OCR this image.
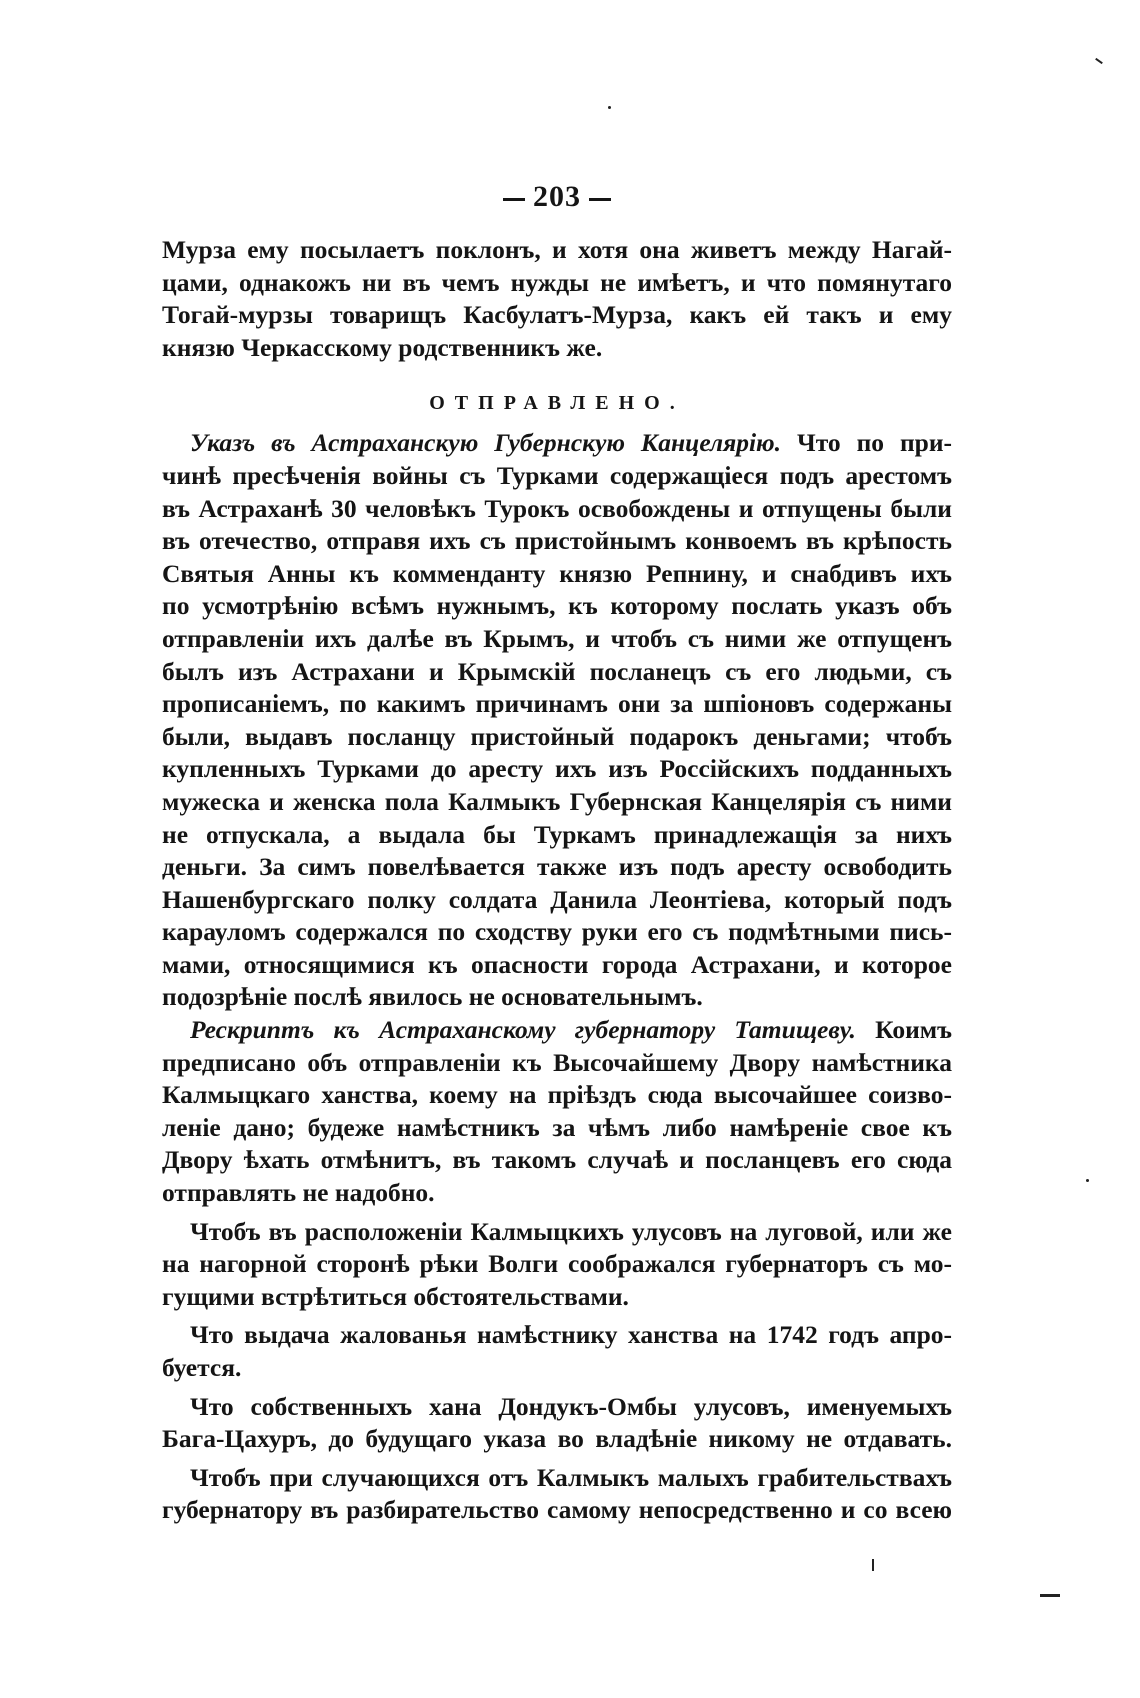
203

Мурза ему посылаетъ поклонъ, и хотя она живетъ между Нагай-
цами, однакожъ ни въ чемъ нужды не имѣетъ, и что помянутаго
Тогай-мурзы товарищъ Касбулатъ-Мурза, какъ ей такъ и ему
князю Черкасскому родственникъ же.

ОТПРАВЛЕНО.

Указъ въ Астраханскую Губернскую Канцелярію. Что по при-
чинѣ пресѣченія войны съ Турками содержащіеся подъ арестомъ
въ Астраханѣ 30 человѣкъ Турокъ освобождены и отпущены были
въ отечество, отправя ихъ съ пристойнымъ конвоемъ въ крѣпость
Святыя Анны къ комменданту князю Репнину, и снабдивъ ихъ
по усмотрѣнію всѣмъ нужнымъ, къ которому послать указъ объ
отправленіи ихъ далѣе въ Крымъ, и чтобъ съ ними же отпущенъ
былъ изъ Астрахани и Крымскій посланецъ съ его людьми, съ
прописаніемъ, по какимъ причинамъ они за шпіоновъ содержаны
были, выдавъ посланцу пристойный подарокъ деньгами; чтобъ
купленныхъ Турками до аресту ихъ изъ Россійскихъ подданныхъ
мужеска и женска пола Калмыкъ Губернская Канцелярія съ ними
не отпускала, а выдала бы Туркамъ принадлежащія за нихъ
деньги. За симъ повелѣвается также изъ подъ аресту освободить
Нашенбургскаго полку солдата Данила Леонтіева, который подъ
карауломъ содержался по сходству руки его съ подмѣтными пись-
мами, относящимися къ опасности города Астрахани, и которое
подозрѣніе послѣ явилось не основательнымъ.

Рескриптъ къ Астраханскому губернатору Татищеву. Коимъ
предписано объ отправленіи къ Высочайшему Двору намѣстника
Калмыцкаго ханства, коему на пріѣздъ сюда высочайшее соизво-
леніе дано; будеже намѣстникъ за чѣмъ либо намѣреніе свое къ
Двору ѣхать отмѣнитъ, въ такомъ случаѣ и посланцевъ его сюда
отправлять не надобно.

Чтобъ въ расположеніи Калмыцкихъ улусовъ на луговой, или же
на нагорной сторонѣ рѣки Волги соображался губернаторъ съ мо-
гущими встрѣтиться обстоятельствами.

Что выдача жалованья намѣстнику ханства на 1742 годъ апро-
буется.

Что собственныхъ хана Дондукъ-Омбы улусовъ, именуемыхъ
Бага-Цахуръ, до будущаго указа во владѣніе никому не отдавать.

Чтобъ при случающихся отъ Калмыкъ малыхъ грабительствахъ
губернатору въ разбирательство самому непосредственно и со всею
